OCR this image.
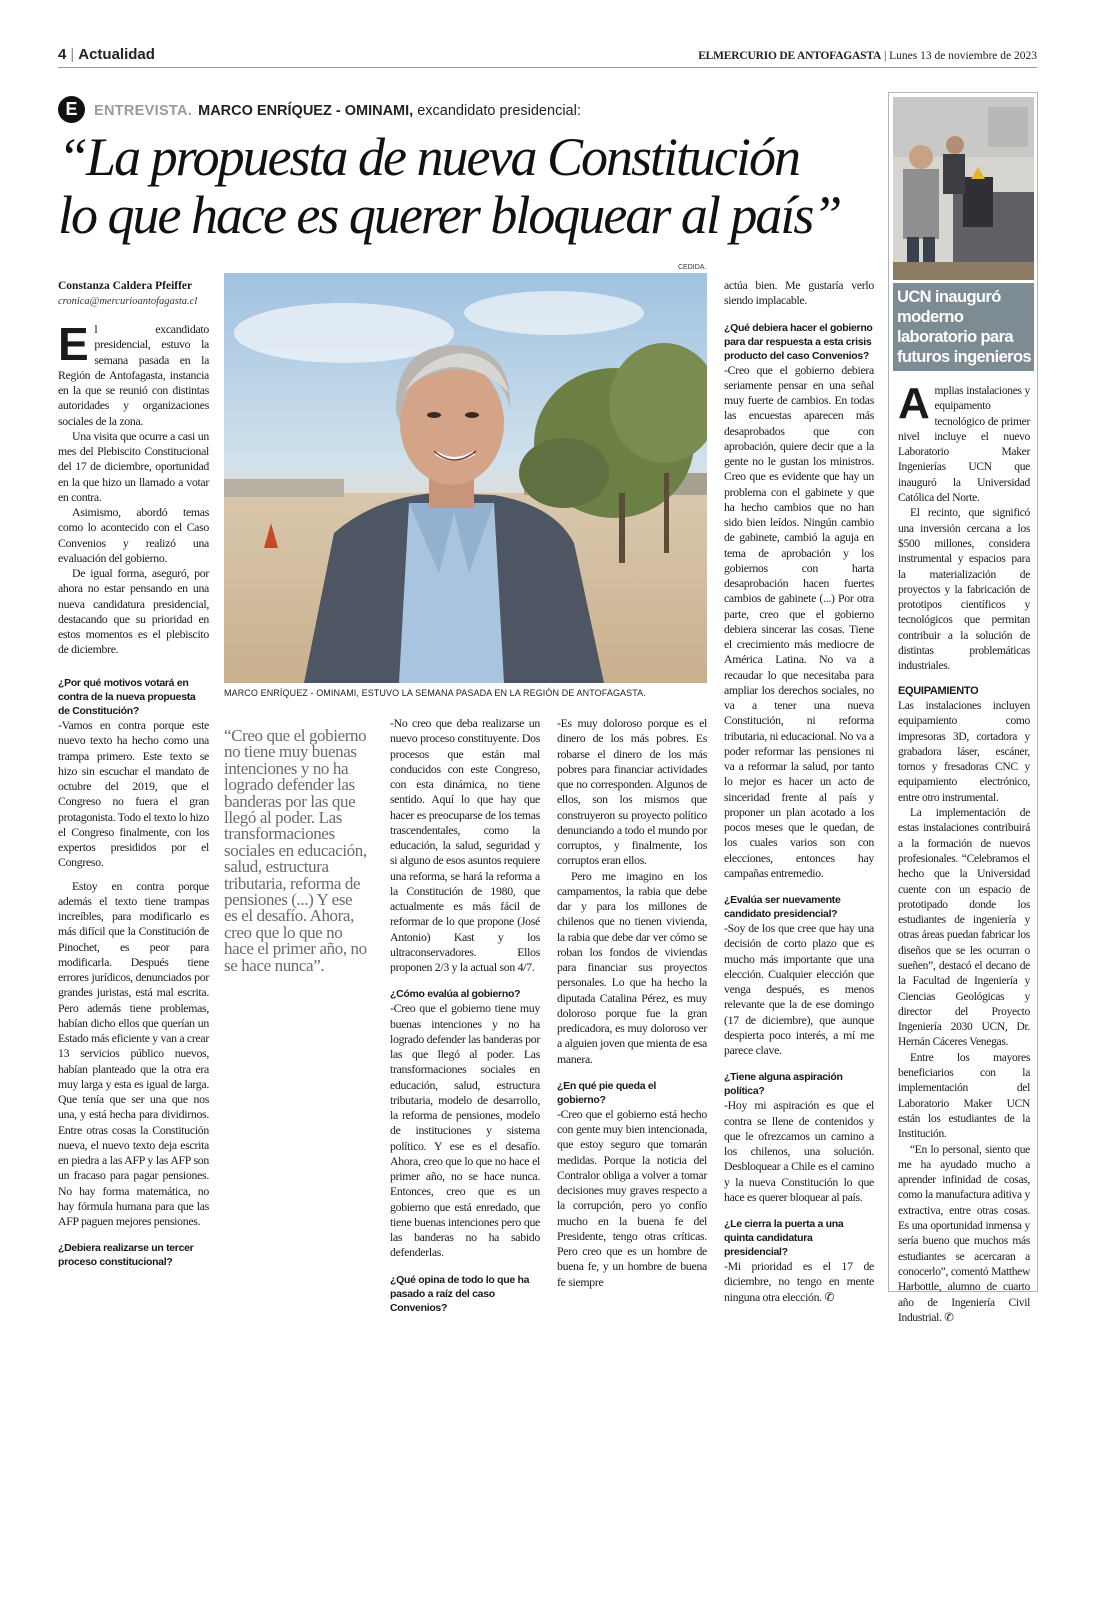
4 | Actualidad	ELMERCURIO DE ANTOFAGASTA | Lunes 13 de noviembre de 2023
E	ENTREVISTA. MARCO ENRÍQUEZ - OMINAMI, excandidato presidencial:
“La propuesta de nueva Constitución
lo que hace es querer bloquear al país”
Constanza Caldera Pfeiffer
cronica@mercurioantofagasta.cl
CEDIDA.
MARCO ENRÍQUEZ - OMINAMI, ESTUVO LA SEMANA PASADA EN LA REGIÓN DE ANTOFAGASTA.

El excandidato presidencial, estuvo la semana pasada en la Región de Antofagasta, instancia en la que se reunió con distintas autoridades y organizaciones sociales de la zona.

Una visita que ocurre a casi un mes del Plebiscito Constitucional del 17 de diciembre, oportunidad en la que hizo un llamado a votar en contra.

Asimismo, abordó temas como lo acontecido con el Caso Convenios y realizó una evaluación del gobierno.

De igual forma, aseguró, por ahora no estar pensando en una nueva candidatura presidencial, destacando que su prioridad en estos momentos es el plebiscito de diciembre.

¿Por qué motivos votará en contra de la nueva propuesta de Constitución?

-Vamos en contra porque este nuevo texto ha hecho como una trampa primero. Este texto se hizo sin escuchar el mandato de octubre del 2019, que el Congreso no fuera el gran protagonista. Todo el texto lo hizo el Congreso finalmente, con los expertos presididos por el Congreso.

Estoy en contra porque además el texto tiene trampas increíbles, para modificarlo es más difícil que la Constitución de Pinochet, es peor para modificarla. Después tiene errores jurídicos, denunciados por grandes juristas, está mal escrita. Pero además tiene problemas, habían dicho ellos que querían un Estado más eficiente y van a crear 13 servicios público nuevos, habían planteado que la otra era muy larga y esta es igual de larga. Que tenía que ser una que nos una, y está hecha para dividirnos. Entre otras cosas la Constitución nueva, el nuevo texto deja escrita en piedra a las AFP y las AFP son un fracaso para pagar pensiones. No hay forma matemática, no hay fórmula humana para que las AFP paguen mejores pensiones.

¿Debiera realizarse un tercer proceso constitucional?

“Creo que el gobierno no tiene muy buenas intenciones y no ha logrado defender las banderas por las que llegó al poder. Las transformaciones sociales en educación, salud, estructura tributaria, reforma de pensiones (...) Y ese es el desafío. Ahora, creo que lo que no hace el primer año, no se hace nunca”.

-No creo que deba realizarse un nuevo proceso constituyente. Dos procesos que están mal conducidos con este Congreso, con esta dinámica, no tiene sentido. Aquí lo que hay que hacer es preocuparse de los temas trascendentales, como la educación, la salud, seguridad y si alguno de esos asuntos requiere una reforma, se hará la reforma a la Constitución de 1980, que actualmente es más fácil de reformar de lo que propone (José Antonio) Kast y los ultraconservadores. Ellos proponen 2/3 y la actual son 4/7.

¿Cómo evalúa al gobierno?

-Creo que el gobierno tiene muy buenas intenciones y no ha logrado defender las banderas por las que llegó al poder. Las transformaciones sociales en educación, salud, estructura tributaria, modelo de desarrollo, la reforma de pensiones, modelo de instituciones y sistema político. Y ese es el desafío. Ahora, creo que lo que no hace el primer año, no se hace nunca. Entonces, creo que es un gobierno que está enredado, que tiene buenas intenciones pero que las banderas no ha sabido defenderlas.

¿Qué opina de todo lo que ha pasado a raíz del caso Convenios?

-Es muy doloroso porque es el dinero de los más pobres. Es robarse el dinero de los más pobres para financiar actividades que no corresponden. Algunos de ellos, son los mismos que construyeron su proyecto político denunciando a todo el mundo por corruptos, y finalmente, los corruptos eran ellos.

Pero me imagino en los campamentos, la rabia que debe dar y para los millones de chilenos que no tienen vivienda, la rabia que debe dar ver cómo se roban los fondos de viviendas para financiar sus proyectos personales. Lo que ha hecho la diputada Catalina Pérez, es muy doloroso porque fue la gran predicadora, es muy doloroso ver a alguien joven que mienta de esa manera.

¿En qué pie queda el gobierno?

-Creo que el gobierno está hecho con gente muy bien intencionada, que estoy seguro que tomarán medidas. Porque la noticia del Contralor obliga a volver a tomar decisiones muy graves respecto a la corrupción, pero yo confío mucho en la buena fe del Presidente, tengo otras críticas. Pero creo que es un hombre de buena fe, y un hombre de buena fe siempre

actúa bien. Me gustaría verlo siendo implacable.

¿Qué debiera hacer el gobierno para dar respuesta a esta crisis producto del caso Convenios?

-Creo que el gobierno debiera seriamente pensar en una señal muy fuerte de cambios. En todas las encuestas aparecen más desaprobados que con aprobación, quiere decir que a la gente no le gustan los ministros. Creo que es evidente que hay un problema con el gabinete y que ha hecho cambios que no han sido bien leídos. Ningún cambio de gabinete, cambió la aguja en tema de aprobación y los gobiernos con harta desaprobación hacen fuertes cambios de gabinete (...) Por otra parte, creo que el gobierno debiera sincerar las cosas. Tiene el crecimiento más mediocre de América Latina. No va a recaudar lo que necesitaba para ampliar los derechos sociales, no va a tener una nueva Constitución, ni reforma tributaria, ni educacional. No va a poder reformar las pensiones ni va a reformar la salud, por tanto lo mejor es hacer un acto de sinceridad frente al país y proponer un plan acotado a los pocos meses que le quedan, de los cuales varios son con elecciones, entonces hay campañas entremedio.

¿Evalúa ser nuevamente candidato presidencial?

-Soy de los que cree que hay una decisión de corto plazo que es mucho más importante que una elección. Cualquier elección que venga después, es menos relevante que la de ese domingo (17 de diciembre), que aunque despierta poco interés, a mí me parece clave.

¿Tiene alguna aspiración política?

-Hoy mi aspiración es que el contra se llene de contenidos y que le ofrezcamos un camino a los chilenos, una solución. Desbloquear a Chile es el camino y la nueva Constitución lo que hace es querer bloquear al país.

¿Le cierra la puerta a una quinta candidatura presidencial?

-Mi prioridad es el 17 de diciembre, no tengo en mente ninguna otra elección. ✆

UCN inauguró moderno laboratorio para futuros ingenieros

Amplias instalaciones y equipamento tecnológico de primer nivel incluye el nuevo Laboratorio Maker Ingenierías UCN que inauguró la Universidad Católica del Norte.

El recinto, que significó una inversión cercana a los $500 millones, considera instrumental y espacios para la materialización de proyectos y la fabricación de prototipos científicos y tecnológicos que permitan contribuir a la solución de distintas problemáticas industriales.

EQUIPAMIENTO

Las instalaciones incluyen equipamiento como impresoras 3D, cortadora y grabadora láser, escáner, tornos y fresadoras CNC y equipamiento electrónico, entre otro instrumental.

La implementación de estas instalaciones contribuirá a la formación de nuevos profesionales. “Celebramos el hecho que la Universidad cuente con un espacio de prototipado donde los estudiantes de ingeniería y otras áreas puedan fabricar los diseños que se les ocurran o sueñen”, destacó el decano de la Facultad de Ingeniería y Ciencias Geológicas y director del Proyecto Ingeniería 2030 UCN, Dr. Hernán Cáceres Venegas.

Entre los mayores beneficiarios con la implementación del Laboratorio Maker UCN están los estudiantes de la Institución.

“En lo personal, siento que me ha ayudado mucho a aprender infinidad de cosas, como la manufactura aditiva y extractiva, entre otras cosas. Es una oportunidad inmensa y sería bueno que muchos más estudiantes se acercaran a conocerlo”, comentó Matthew Harbottle, alumno de cuarto año de Ingeniería Civil Industrial. ✆
